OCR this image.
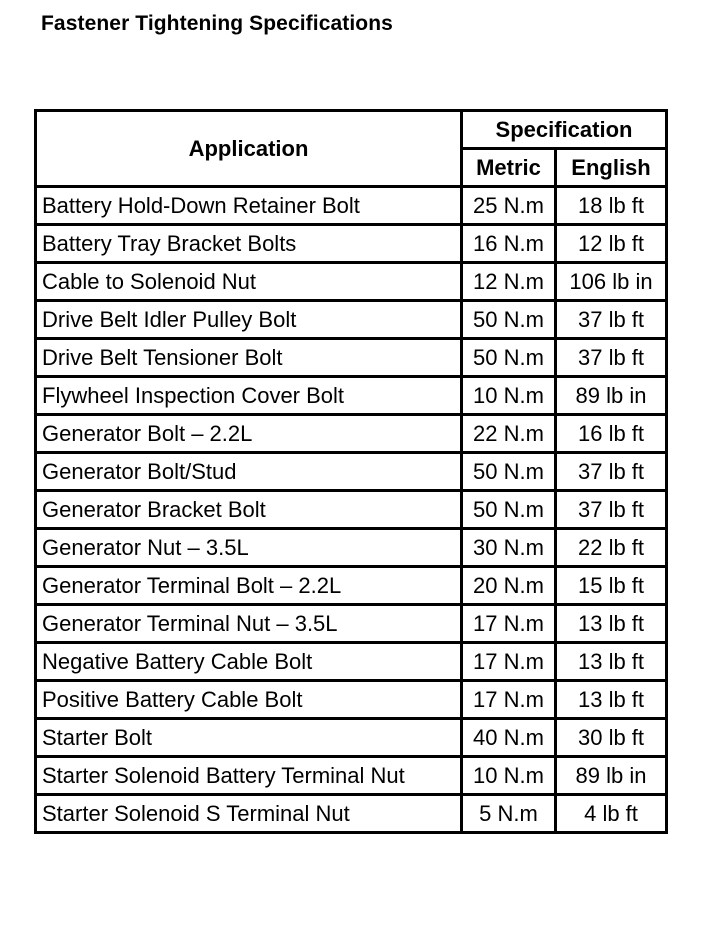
Fastener Tightening Specifications
Application	Specification	
	Metric	English
Battery Hold-Down Retainer Bolt	25 N.m	18 lb ft
Battery Tray Bracket Bolts	16 N.m	12 lb ft
Cable to Solenoid Nut	12 N.m	106 lb in
Drive Belt Idler Pulley Bolt	50 N.m	37 lb ft
Drive Belt Tensioner Bolt	50 N.m	37 lb ft
Flywheel Inspection Cover Bolt	10 N.m	89 lb in
Generator Bolt – 2.2L	22 N.m	16 lb ft
Generator Bolt/Stud	50 N.m	37 lb ft
Generator Bracket Bolt	50 N.m	37 lb ft
Generator Nut – 3.5L	30 N.m	22 lb ft
Generator Terminal Bolt – 2.2L	20 N.m	15 lb ft
Generator Terminal Nut – 3.5L	17 N.m	13 lb ft
Negative Battery Cable Bolt	17 N.m	13 lb ft
Positive Battery Cable Bolt	17 N.m	13 lb ft
Starter Bolt	40 N.m	30 lb ft
Starter Solenoid Battery Terminal Nut	10 N.m	89 lb in
Starter Solenoid S Terminal Nut	5 N.m	4 lb ft
